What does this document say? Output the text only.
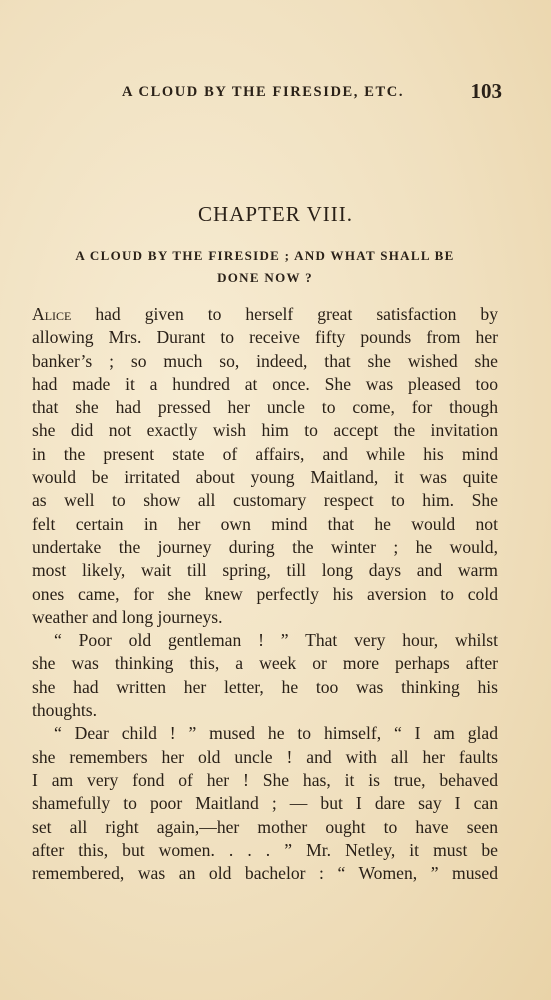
A CLOUD BY THE FIRESIDE, ETC.	103
CHAPTER VIII.
A CLOUD BY THE FIRESIDE ; AND WHAT SHALL BE
DONE NOW ?
Alice had given to herself great satisfaction by
allowing Mrs. Durant to receive fifty pounds from her
banker’s ; so much so, indeed, that she wished she
had made it a hundred at once. She was pleased too
that she had pressed her uncle to come, for though
she did not exactly wish him to accept the invitation
in the present state of affairs, and while his mind
would be irritated about young Maitland, it was quite
as well to show all customary respect to him. She
felt certain in her own mind that he would not
undertake the journey during the winter ; he would,
most likely, wait till spring, till long days and warm
ones came, for she knew perfectly his aversion to cold
weather and long journeys.
“ Poor old gentleman ! ” That very hour, whilst
she was thinking this, a week or more perhaps after
she had written her letter, he too was thinking his
thoughts.
“ Dear child ! ” mused he to himself, “ I am glad
she remembers her old uncle ! and with all her faults
I am very fond of her ! She has, it is true, behaved
shamefully to poor Maitland ; — but I dare say I can
set all right again,—her mother ought to have seen
after this, but women. . . . ” Mr. Netley, it must be
remembered, was an old bachelor : “ Women, ” mused
